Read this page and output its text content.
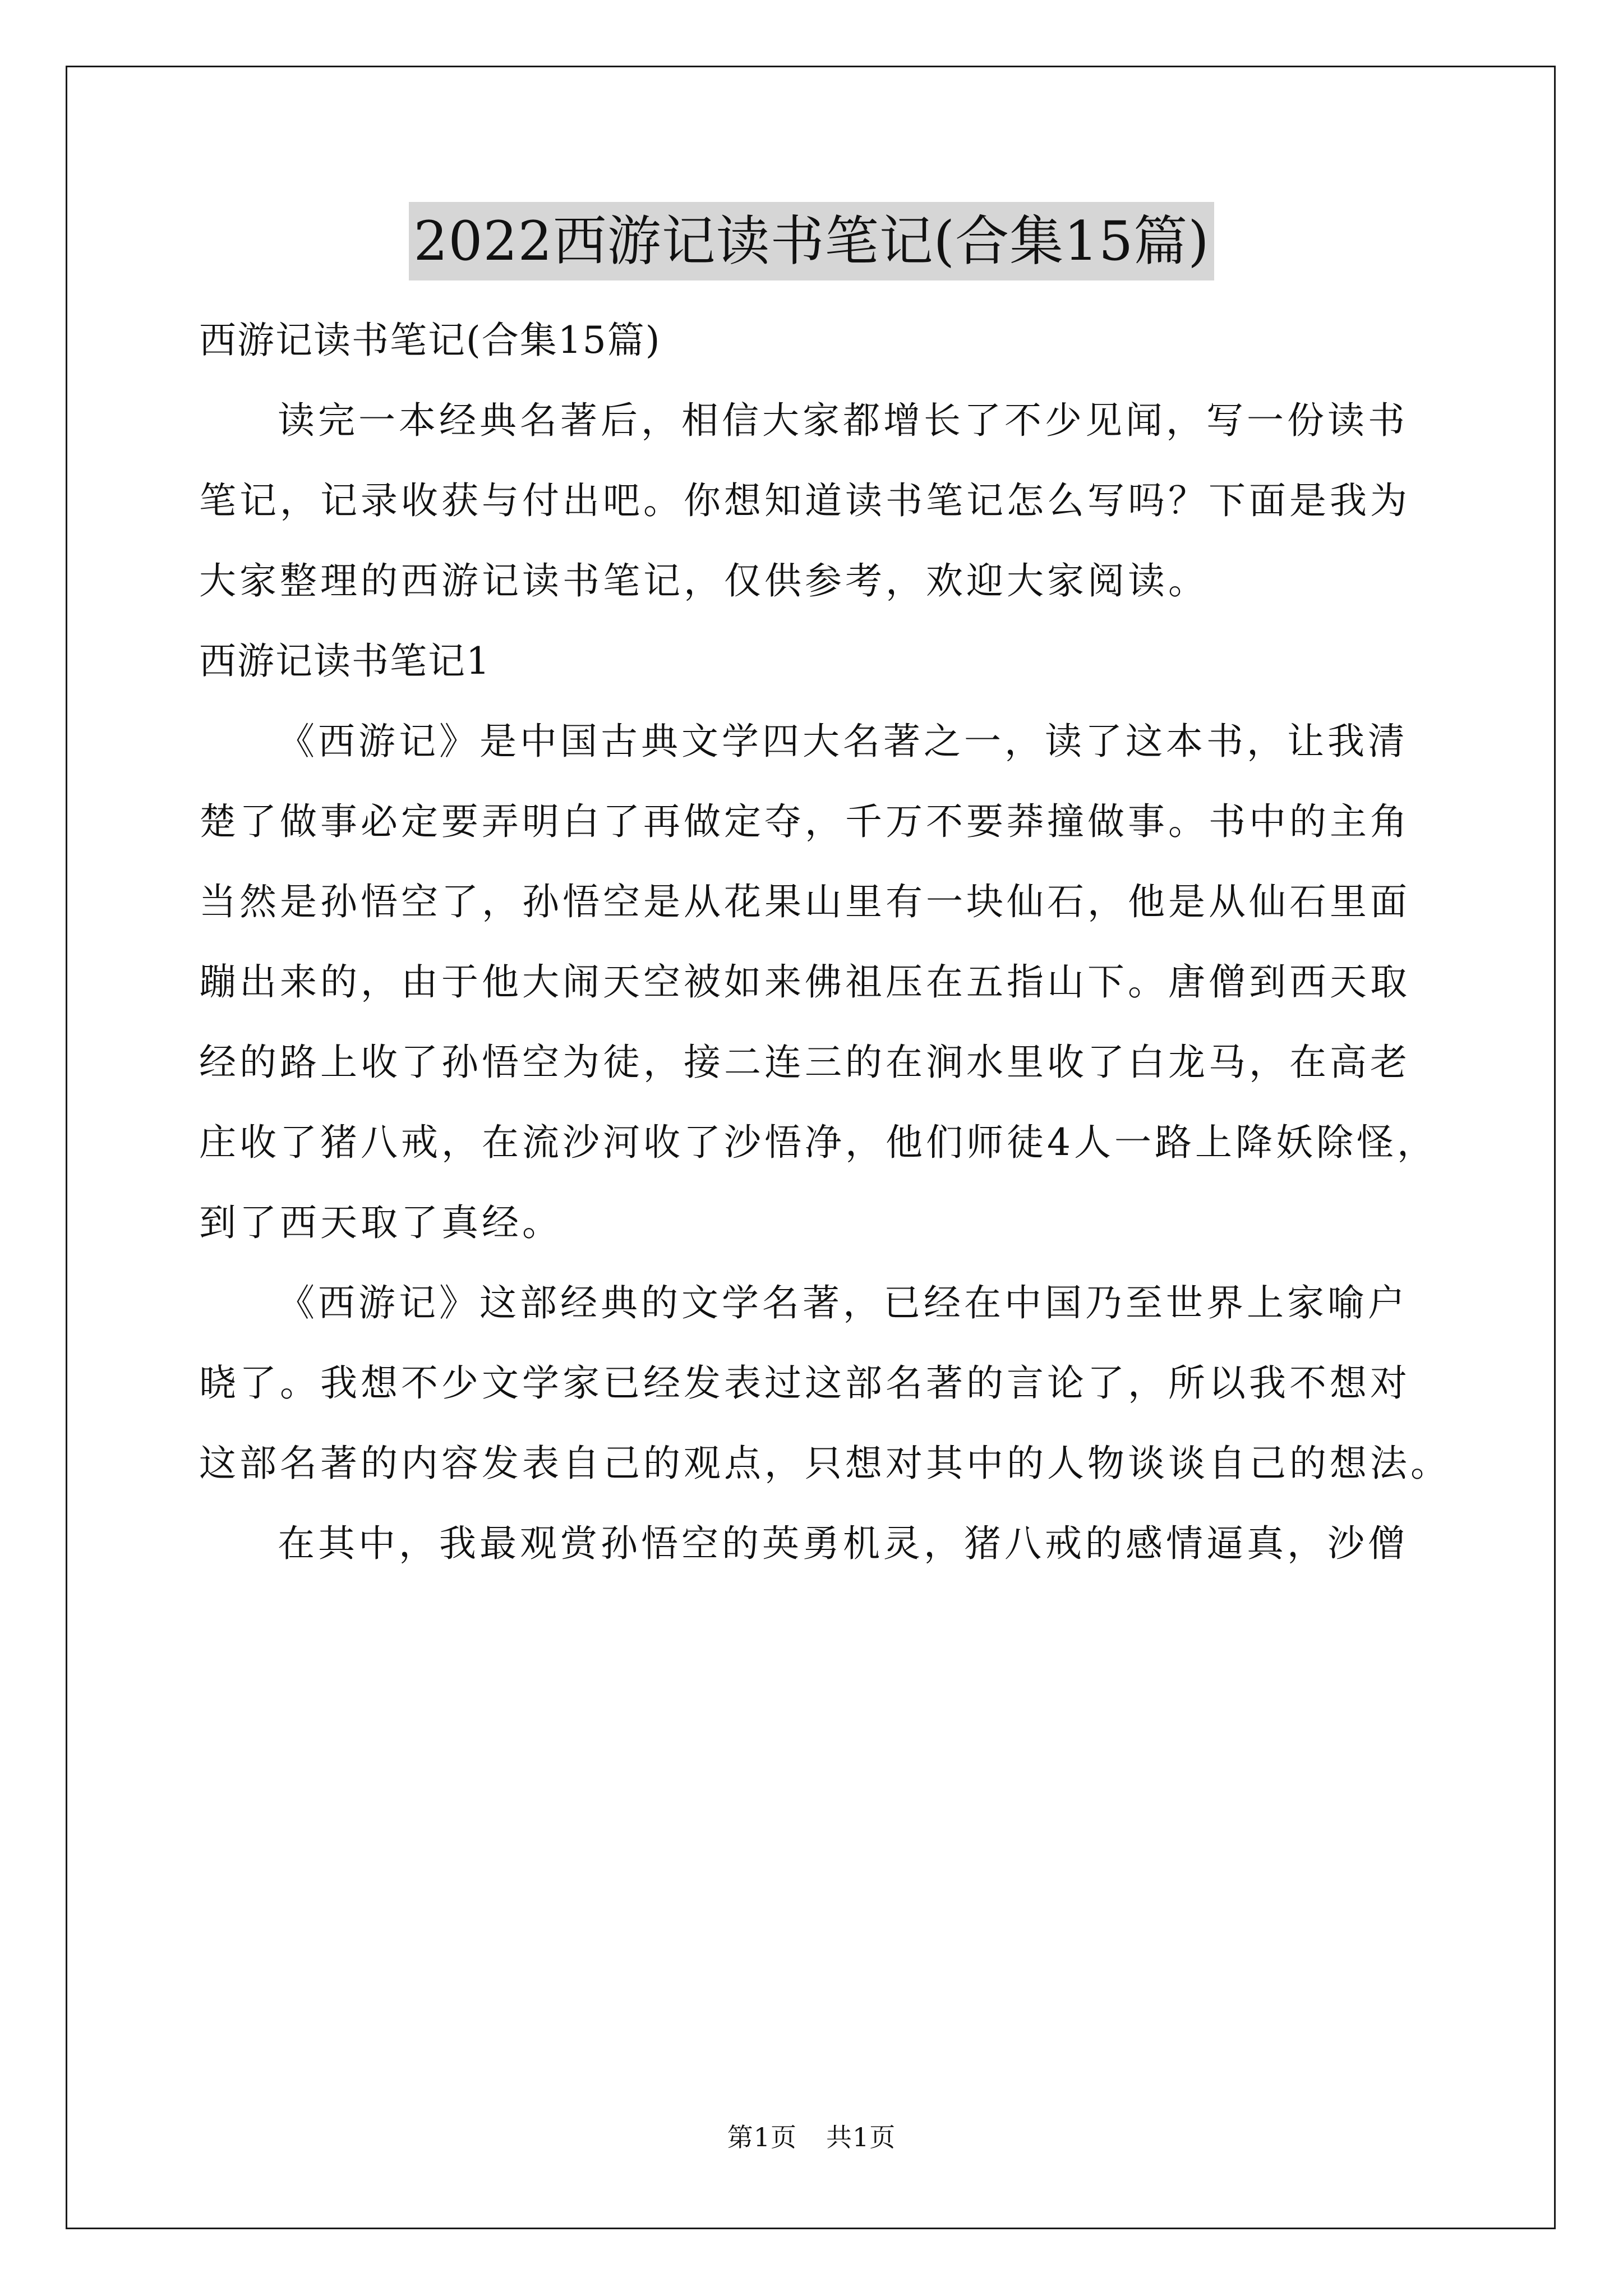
2022西游记读书笔记(合集15篇)
西游记读书笔记(合集15篇)
读完一本经典名著后，相信大家都增长了不少见闻，写一份读书
笔记，记录收获与付出吧。你想知道读书笔记怎么写吗？下面是我为
大家整理的西游记读书笔记，仅供参考，欢迎大家阅读。
西游记读书笔记1
《西游记》是中国古典文学四大名著之一，读了这本书，让我清
楚了做事必定要弄明白了再做定夺，千万不要莽撞做事。书中的主角
当然是孙悟空了，孙悟空是从花果山里有一块仙石，他是从仙石里面
蹦出来的，由于他大闹天空被如来佛祖压在五指山下。唐僧到西天取
经的路上收了孙悟空为徒，接二连三的在涧水里收了白龙马，在高老
庄收了猪八戒，在流沙河收了沙悟净，他们师徒4人一路上降妖除怪，
到了西天取了真经。
《西游记》这部经典的文学名著，已经在中国乃至世界上家喻户
晓了。我想不少文学家已经发表过这部名著的言论了，所以我不想对
这部名著的内容发表自己的观点，只想对其中的人物谈谈自己的想法。
在其中，我最观赏孙悟空的英勇机灵，猪八戒的感情逼真，沙僧
第1页 共1页
